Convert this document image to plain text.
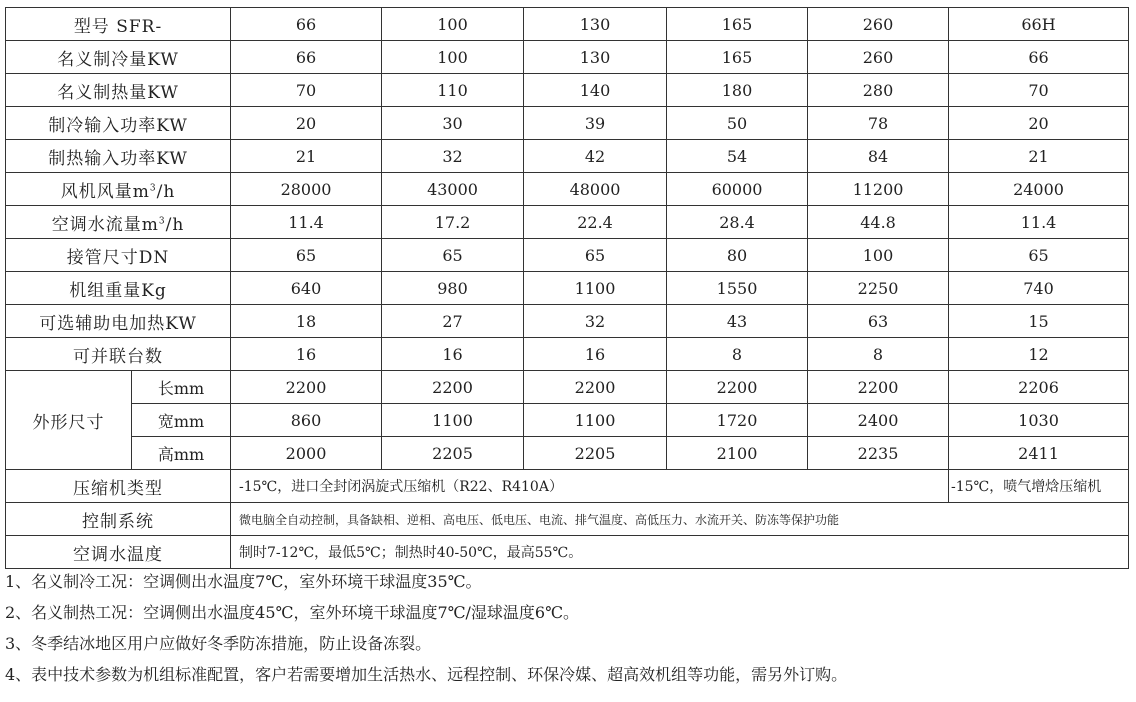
型号 SFR-		66	100	130	165	260	66H
名义制冷量KW		66	100	130	165	260	66
名义制热量KW		70	110	140	180	280	70
制冷输入功率KW		20	30	39	50	78	20
制热输入功率KW		21	32	42	54	84	21
风机风量$m^3/h$		28000	43000	48000	60000	11200	24000
空调水流量$m^3/h$		11.4	17.2	22.4	28.4	44.8	11.4
接管尺寸DN		65	65	65	80	100	65
机组重量Kg		640	980	1100	1550	2250	740
可选辅助电加热KW		18	27	32	43	63	15
可并联台数		16	16	16	8	8	12
外形尺寸	长mm	2200	2200	2200	2200	2200	2206
	宽mm	860	1100	1100	1720	2400	1030
	高mm	2000	2205	2205	2100	2235	2411
压缩机类型		-15℃，进口全封闭涡旋式压缩机（R22、R410A）					-15℃，喷气增焓压缩机
控制系统		微电脑全自动控制，具备缺相、逆相、高电压、低电压、电流、排气温度、高低压力、水流开关、防冻等保护功能					
空调水温度		制时7-12℃，最低5℃；制热时40-50℃，最高55℃。					
1、名义制冷工况：空调侧出水温度7℃，室外环境干球温度35℃。
2、名义制热工况：空调侧出水温度45℃，室外环境干球温度7℃/湿球温度6℃。
3、冬季结冰地区用户应做好冬季防冻措施，防止设备冻裂。
4、表中技术参数为机组标准配置，客户若需要增加生活热水、远程控制、环保冷媒、超高效机组等功能，需另外订购。
